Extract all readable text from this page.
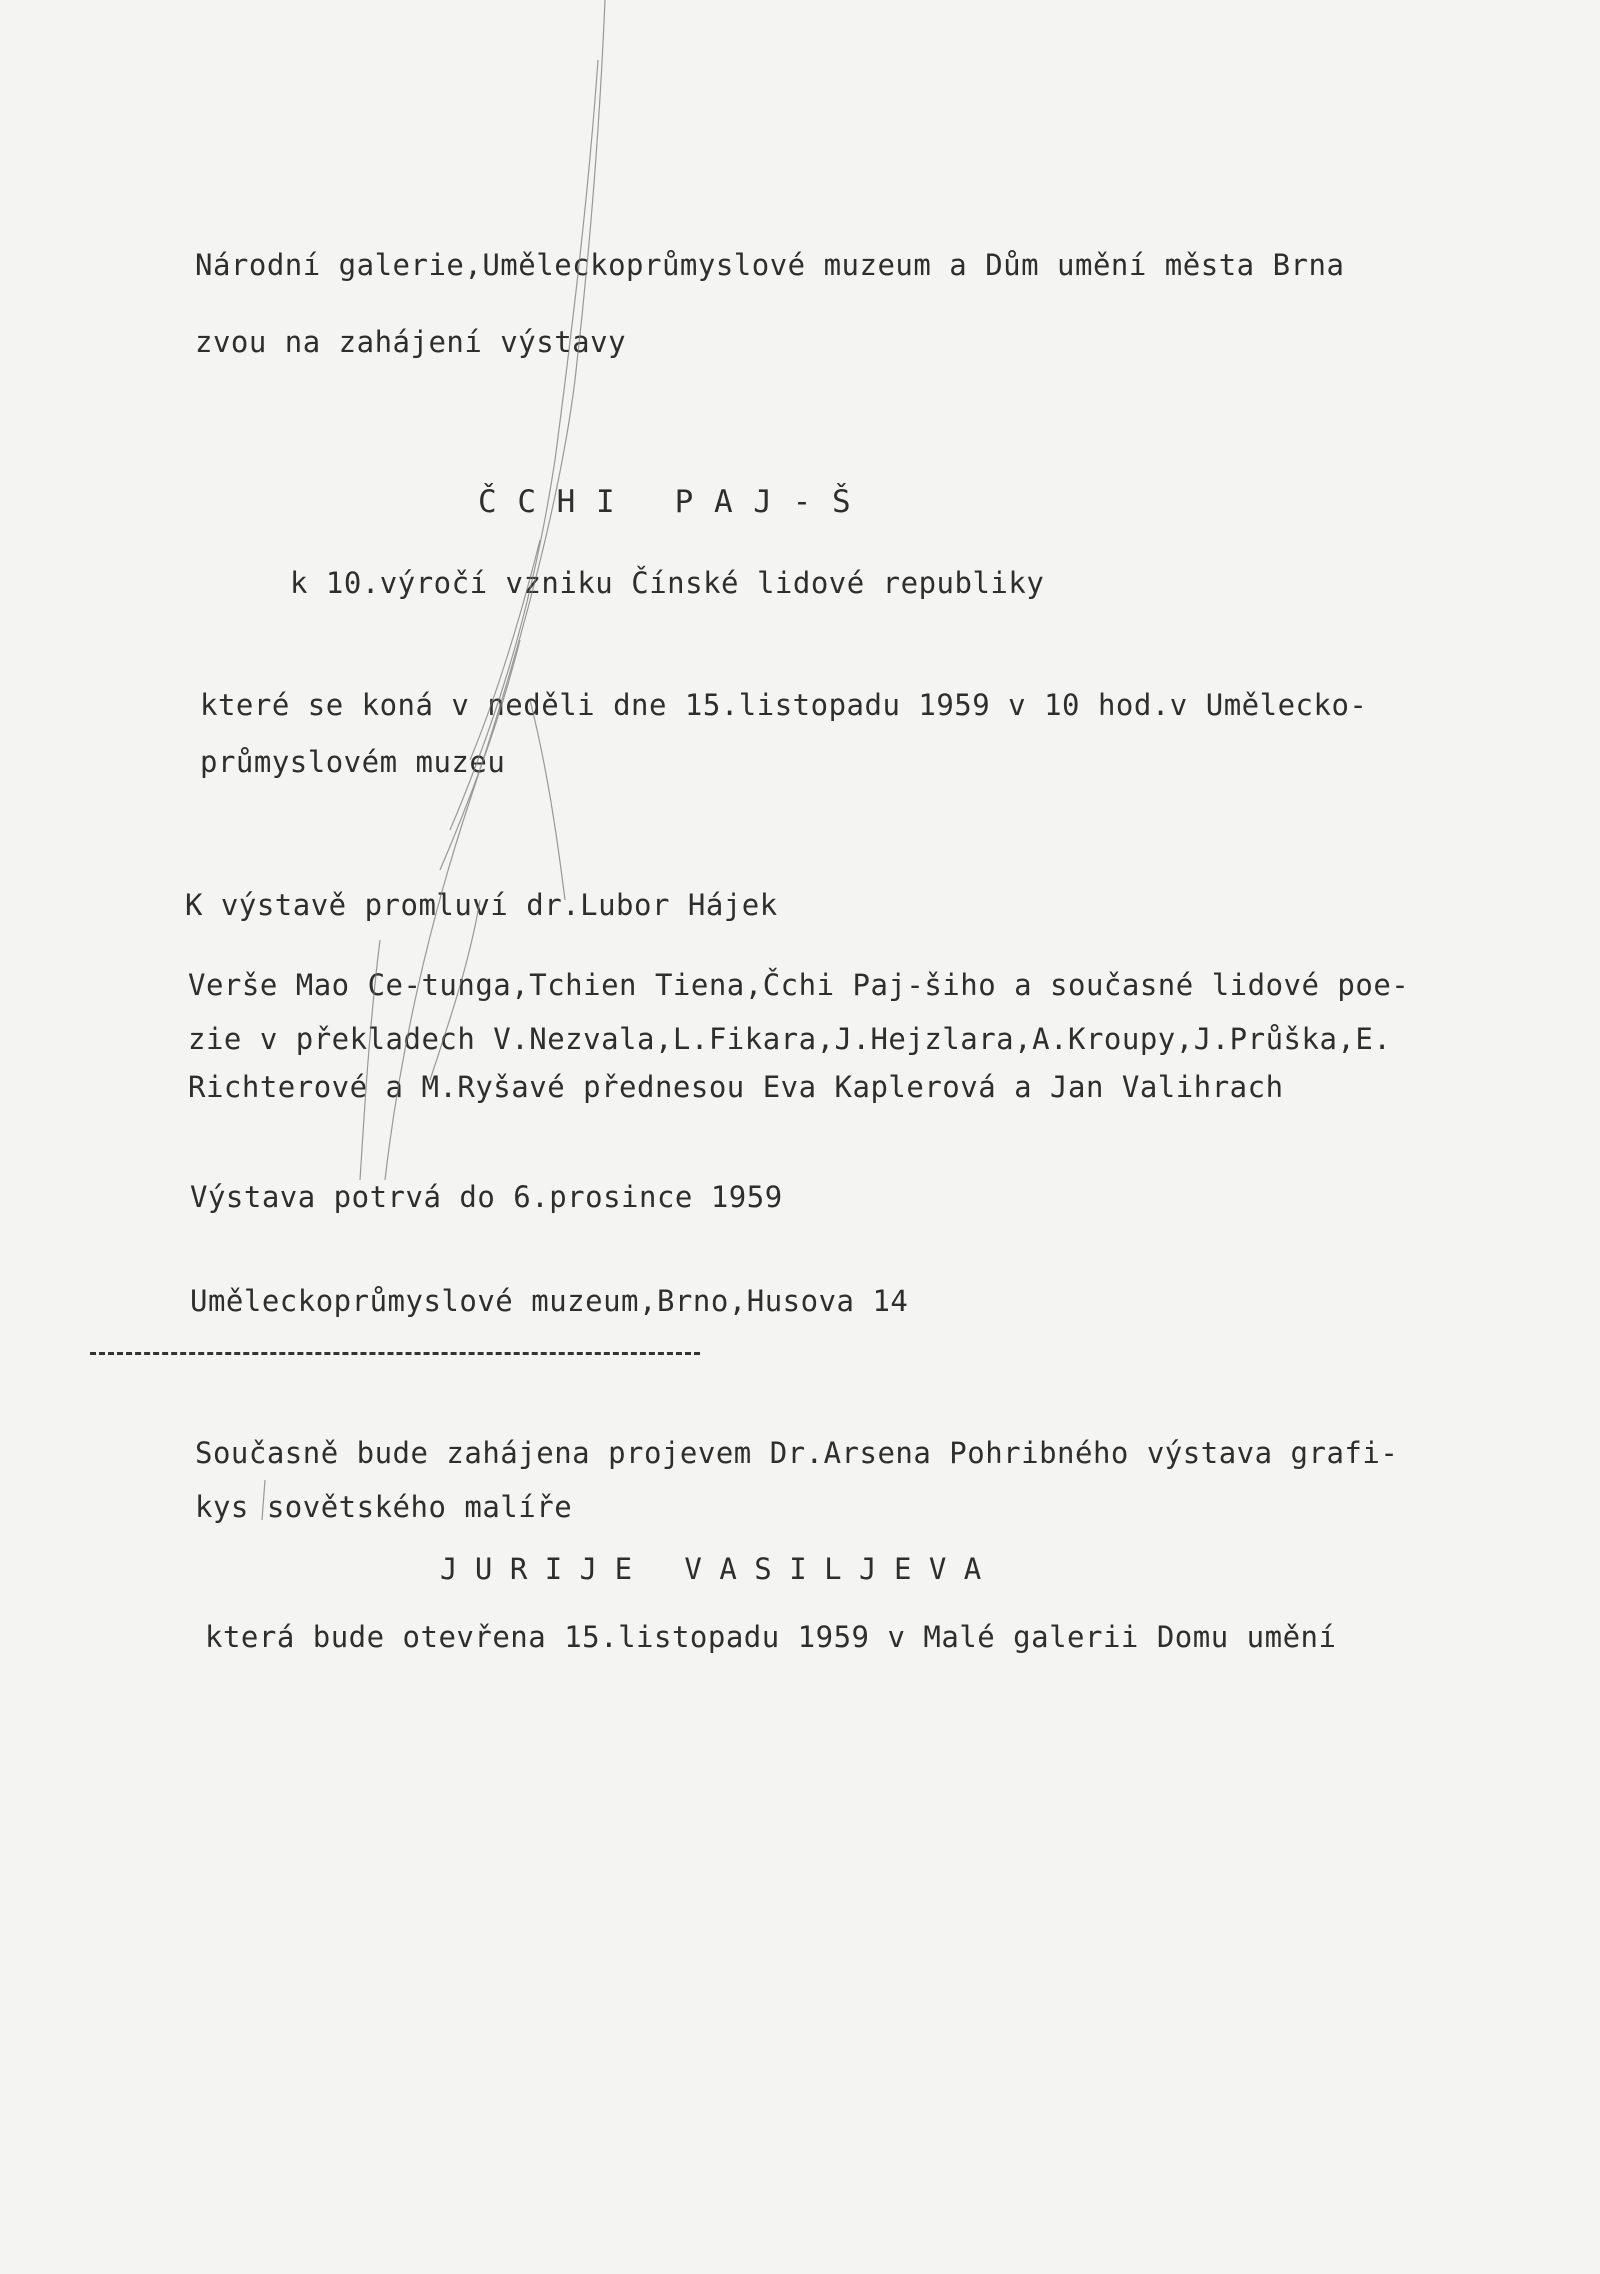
Národní galerie,Uměleckoprůmyslové muzeum a Dům umění města Brna
zvou na zahájení výstavy
Č C H I   P A J - Š
k 10.výročí vzniku Čínské lidové republiky
které se koná v neděli dne 15.listopadu 1959 v 10 hod.v Umělecko-
průmyslovém muzeu
K výstavě promluví dr.Lubor Hájek
Verše Mao Ce-tunga,Tchien Tiena,Čchi Paj-šiho a současné lidové poe-
zie v překladech V.Nezvala,L.Fikara,J.Hejzlara,A.Kroupy,J.Průška,E.
Richterové a M.Ryšavé přednesou Eva Kaplerová a Jan Valihrach
Výstava potrvá do 6.prosince 1959
Uměleckoprůmyslové muzeum,Brno,Husova 14
Současně bude zahájena projevem Dr.Arsena Pohribného výstava grafi-
kys sovětského malíře
J U R I J E   V A S I L J E V A
která bude otevřena 15.listopadu 1959 v Malé galerii Domu umění
